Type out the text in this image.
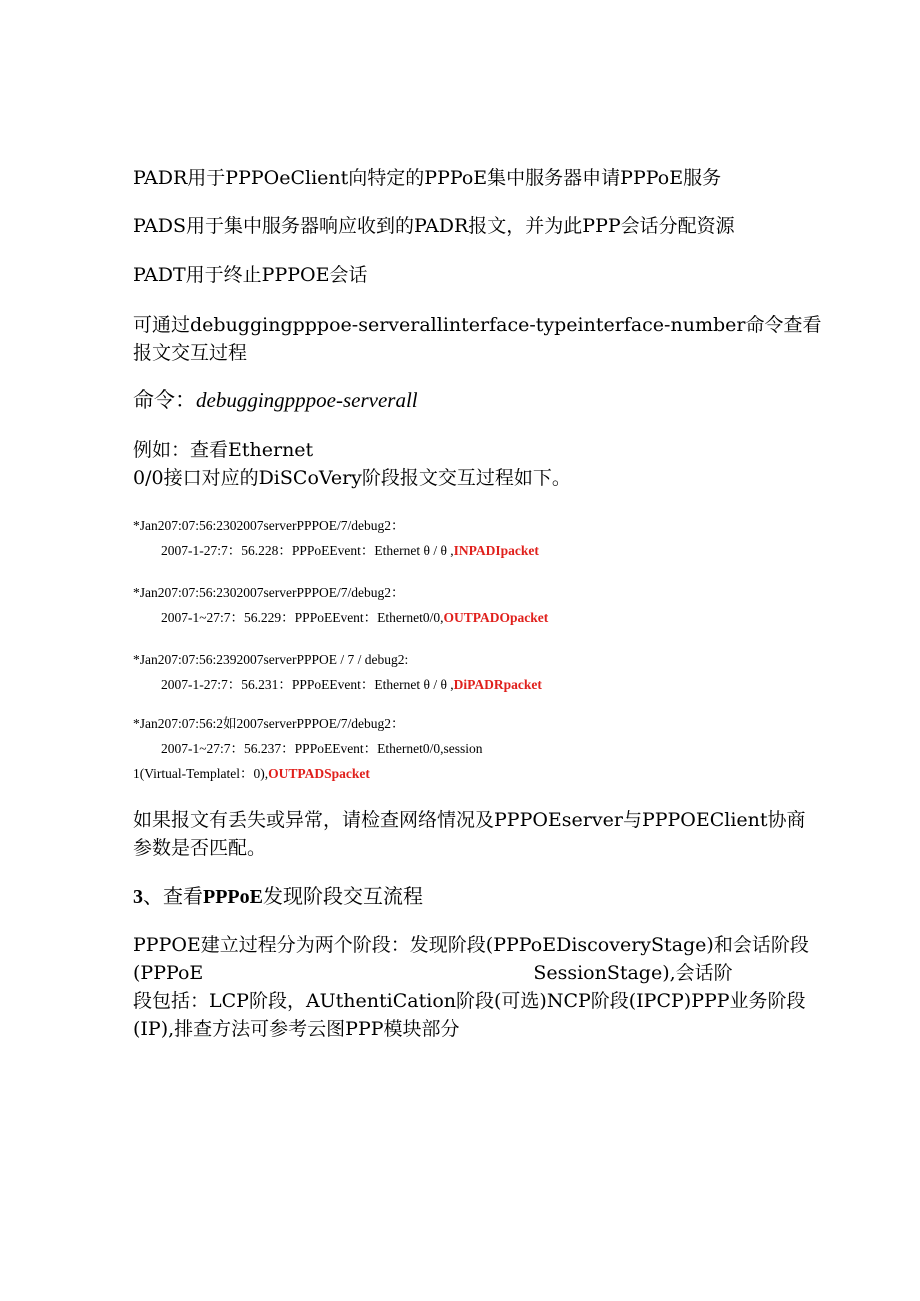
PADR用于PPPOeClient向特定的PPPoE集中服务器申请PPPoE服务
PADS用于集中服务器响应收到的PADR报文，并为此PPP会话分配资源
PADT用于终止PPPOE会话
可通过debuggingpppoe-serverallinterface-typeinterface-number命令查看
报文交互过程
命令：debuggingpppoe-serverall
例如：查看Ethernet
0/0接口对应的DiSCoVery阶段报文交互过程如下。
*Jan207:07:56:2302007serverPPPOE/7/debug2：
2007-1-27:7：56.228：PPPoEEvent：Ethernet θ / θ ,INPADIpacket
*Jan207:07:56:2302007serverPPPOE/7/debug2：
2007-1~27:7：56.229：PPPoEEvent：Ethernet0/0,OUTPADOpacket
*Jan207:07:56:2392007serverPPPOE / 7 / debug2:
2007-1-27:7：56.231：PPPoEEvent：Ethernet θ / θ ,DiPADRpacket
*Jan207:07:56:2如2007serverPPPOE/7/debug2：
2007-1~27:7：56.237：PPPoEEvent：Ethernet0/0,session
1(Virtual-Templatel：0),OUTPADSpacket
如果报文有丢失或异常，请检查网络情况及PPPOEserver与PPPOEClient协商
参数是否匹配。
3、查看PPPoE发现阶段交互流程
PPPOE建立过程分为两个阶段：发现阶段(PPPoEDiscoveryStage)和会话阶段
(PPPoE	SessionStage),会话阶
段包括：LCP阶段，AUthentiCation阶段(可选)NCP阶段(IPCP)PPP业务阶段
(IP),排查方法可参考云图PPP模块部分
